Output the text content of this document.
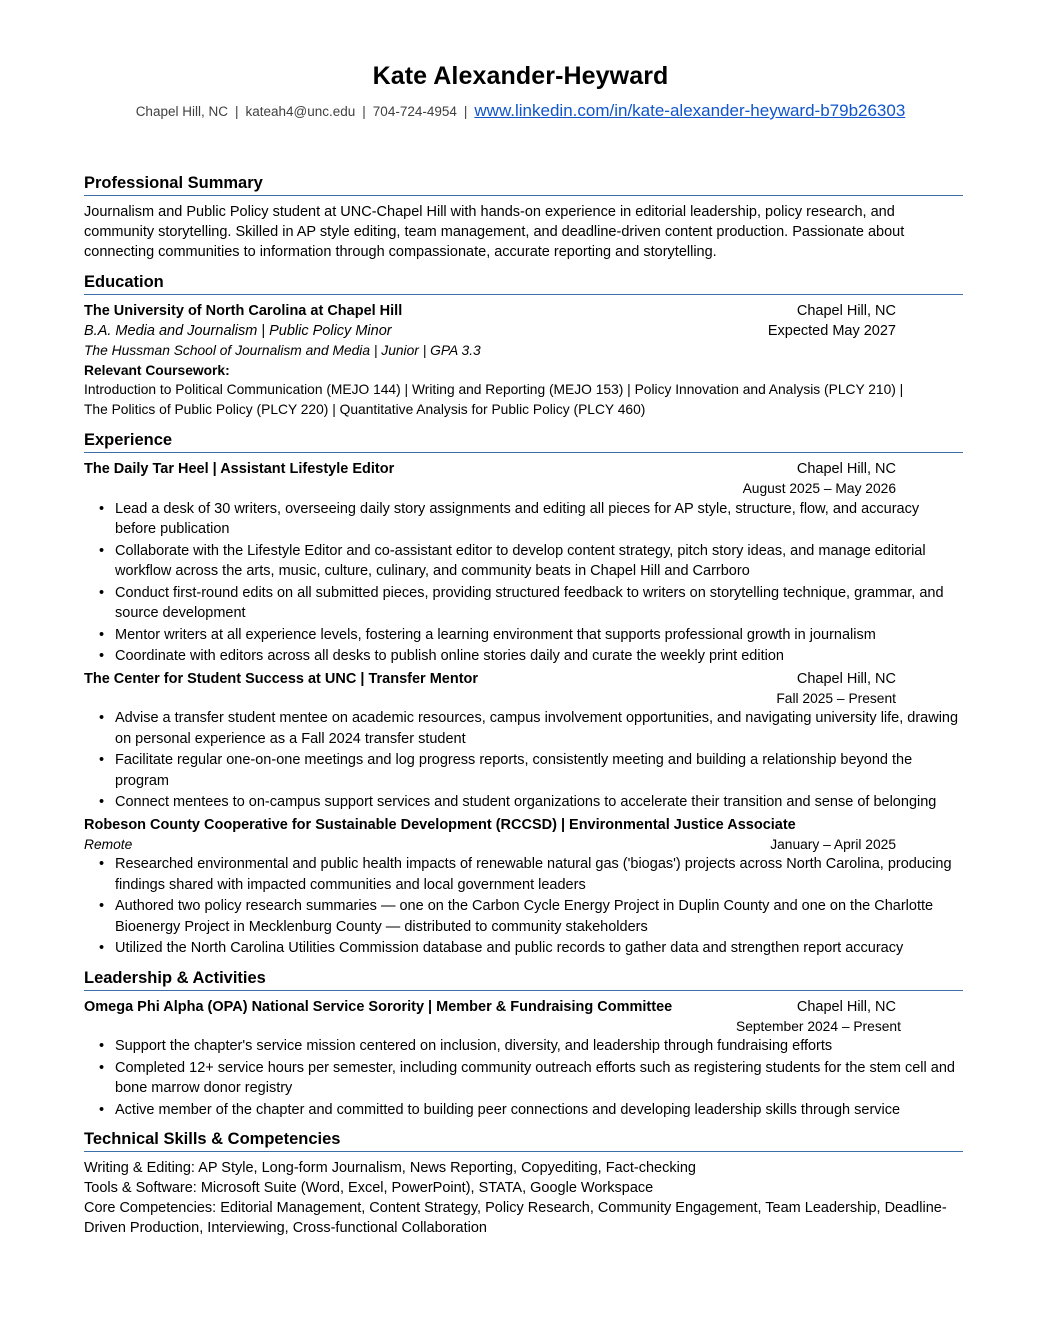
Kate Alexander-Heyward
Chapel Hill, NC | kateah4@unc.edu | 704-724-4954 | www.linkedin.com/in/kate-alexander-heyward-b79b26303
Professional Summary
Journalism and Public Policy student at UNC-Chapel Hill with hands-on experience in editorial leadership, policy research, and community storytelling. Skilled in AP style editing, team management, and deadline-driven content production. Passionate about connecting communities to information through compassionate, accurate reporting and storytelling.
Education
The University of North Carolina at Chapel Hill	Chapel Hill, NC
B.A. Media and Journalism | Public Policy Minor	Expected May 2027
The Hussman School of Journalism and Media | Junior | GPA 3.3
Relevant Coursework:
Introduction to Political Communication (MEJO 144) | Writing and Reporting (MEJO 153) | Policy Innovation and Analysis (PLCY 210) |
The Politics of Public Policy (PLCY 220) | Quantitative Analysis for Public Policy (PLCY 460)
Experience
The Daily Tar Heel | Assistant Lifestyle Editor	Chapel Hill, NC
August 2025 – May 2026
• Lead a desk of 30 writers, overseeing daily story assignments and editing all pieces for AP style, structure, flow, and accuracy before publication
• Collaborate with the Lifestyle Editor and co-assistant editor to develop content strategy, pitch story ideas, and manage editorial workflow across the arts, music, culture, culinary, and community beats in Chapel Hill and Carrboro
• Conduct first-round edits on all submitted pieces, providing structured feedback to writers on storytelling technique, grammar, and source development
• Mentor writers at all experience levels, fostering a learning environment that supports professional growth in journalism
• Coordinate with editors across all desks to publish online stories daily and curate the weekly print edition
The Center for Student Success at UNC | Transfer Mentor	Chapel Hill, NC
Fall 2025 – Present
• Advise a transfer student mentee on academic resources, campus involvement opportunities, and navigating university life, drawing on personal experience as a Fall 2024 transfer student
• Facilitate regular one-on-one meetings and log progress reports, consistently meeting and building a relationship beyond the program
• Connect mentees to on-campus support services and student organizations to accelerate their transition and sense of belonging
Robeson County Cooperative for Sustainable Development (RCCSD) | Environmental Justice Associate
Remote	January – April 2025
• Researched environmental and public health impacts of renewable natural gas ('biogas') projects across North Carolina, producing findings shared with impacted communities and local government leaders
• Authored two policy research summaries — one on the Carbon Cycle Energy Project in Duplin County and one on the Charlotte Bioenergy Project in Mecklenburg County — distributed to community stakeholders
• Utilized the North Carolina Utilities Commission database and public records to gather data and strengthen report accuracy
Leadership & Activities
Omega Phi Alpha (OPA) National Service Sorority | Member & Fundraising Committee	Chapel Hill, NC
September 2024 – Present
• Support the chapter's service mission centered on inclusion, diversity, and leadership through fundraising efforts
• Completed 12+ service hours per semester, including community outreach efforts such as registering students for the stem cell and bone marrow donor registry
• Active member of the chapter and committed to building peer connections and developing leadership skills through service
Technical Skills & Competencies
Writing & Editing: AP Style, Long-form Journalism, News Reporting, Copyediting, Fact-checking
Tools & Software: Microsoft Suite (Word, Excel, PowerPoint), STATA, Google Workspace
Core Competencies: Editorial Management, Content Strategy, Policy Research, Community Engagement, Team Leadership, Deadline-Driven Production, Interviewing, Cross-functional Collaboration
